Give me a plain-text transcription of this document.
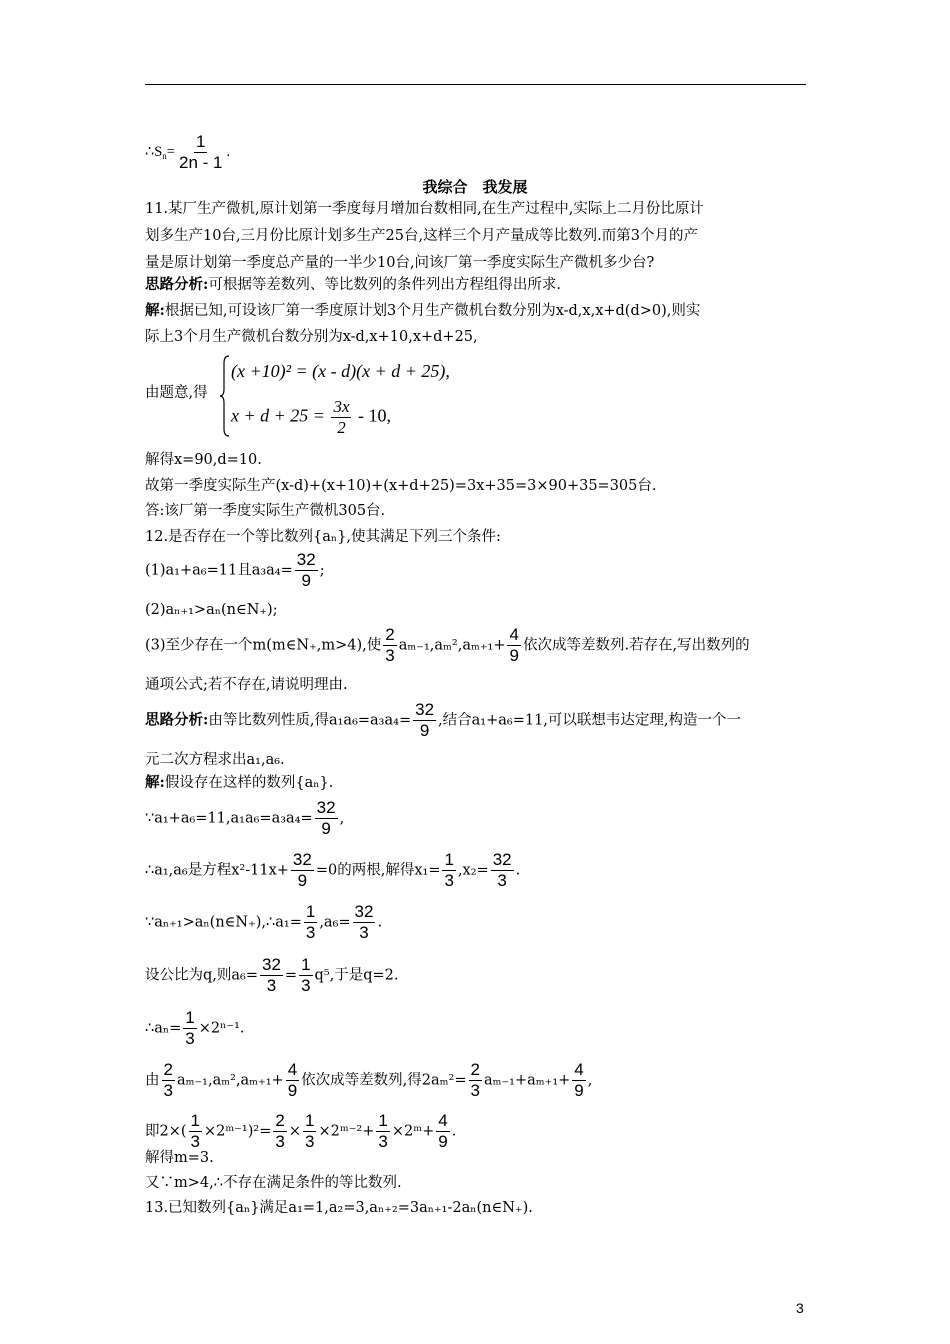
$\therefore S_n= \frac{1}{2n - 1}$ .
我综合　我发展
11.某厂生产微机,原计划第一季度每月增加台数相同,在生产过程中,实际上二月份比原计
划多生产10台,三月份比原计划多生产25台,这样三个月产量成等比数列.而第3个月的产
量是原计划第一季度总产量的一半少10台,问该厂第一季度实际生产微机多少台?
思路分析:可根据等差数列、等比数列的条件列出方程组得出所求.
解:根据已知,可设该厂第一季度原计划3个月生产微机台数分别为x-d,x,x+d(d>0),则实
际上3个月生产微机台数分别为x-d,x+10,x+d+25,
由题意,得
(x +10)² = (x - d)(x + d + 25),
$x + d + 25 = \frac{3x}{2} - 10$,
解得x=90,d=10.
故第一季度实际生产(x-d)+(x+10)+(x+d+25)=3x+35=3×90+35=305台.
答:该厂第一季度实际生产微机305台.
12.是否存在一个等比数列{aₙ},使其满足下列三个条件:
(1)a₁+a₆=11且$a_3a_4= \frac{32}{9}$ ;
(2)aₙ₊₁>aₙ(n∈N₊);
(3)至少存在一个m(m∈N₊,m>4),使 $\frac{2}{3} a_{m-1},a_m^2,a_{m+1}+ \frac{4}{9}$ 依次成等差数列.若存在,写出数列的
通项公式;若不存在,请说明理由.
思路分析:由等比数列性质,得$a_1a_6=a_3a_4= \frac{32}{9}$ ,结合a₁+a₆=11,可以联想韦达定理,构造一个一
元二次方程求出a₁,a₆.
解:假设存在这样的数列{aₙ}.
∵a₁+a₆=11,a₁a₆=a₃a₄= $\frac{32}{9}$ ,
∴a₁,a₆是方程$x^2-11x+ \frac{32}{9} =0$的两根,解得$x_1= \frac{1}{3} ,x_2= \frac{32}{3}$ .
∵aₙ₊₁>aₙ(n∈N₊),∴a₁= $\frac{1}{3} ,a_6= \frac{32}{3}$ .
设公比为q,则$a_6= \frac{32}{3} = \frac{1}{3} q^5$,于是q=2.
∴aₙ= $\frac{1}{3} \times 2^{n-1}$.
由 $\frac{2}{3} a_{m-1},a_m^2,a_{m+1}+ \frac{4}{9}$ 依次成等差数列,得$2a_m^2= \frac{2}{3} a_{m-1}+a_{m+1}+ \frac{4}{9}$ ,
即$2\times( \frac{1}{3}$ ×2ᵐ⁻¹)²= $\frac{2}{3} \times \frac{1}{3}$ ×2ᵐ⁻²+ $\frac{1}{3}$ ×2ᵐ+ $\frac{4}{9}$ .
解得m=3.
又∵m>4,∴不存在满足条件的等比数列.
13.已知数列{aₙ}满足a₁=1,a₂=3,aₙ₊₂=3aₙ₊₁-2aₙ(n∈N₊).
3
